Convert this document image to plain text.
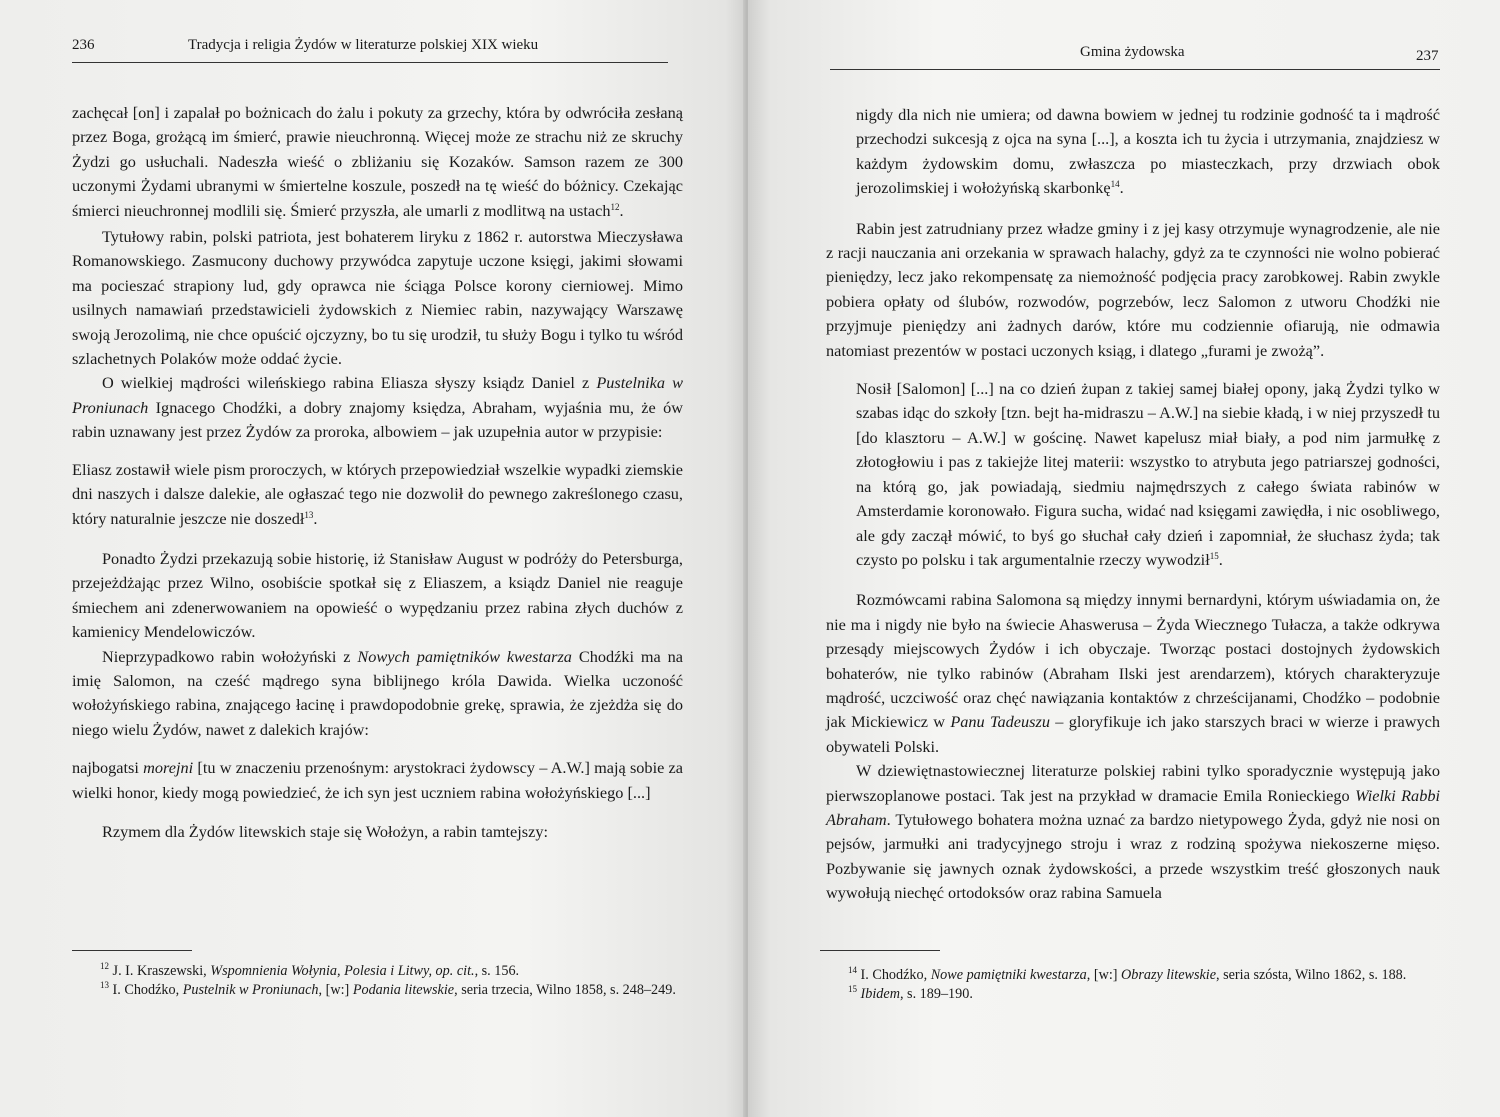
236	Tradycja i religia Żydów w literaturze polskiej XIX wieku

zachęcał [on] i zapalał po bożnicach do żalu i pokuty za grzechy, która by odwróciła zesłaną przez Boga, grożącą im śmierć, prawie nieuchronną. Więcej może ze strachu niż ze skruchy Żydzi go usłuchali. Nadeszła wieść o zbliżaniu się Kozaków. Samson razem ze 300 uczonymi Żydami ubranymi w śmiertelne koszule, poszedł na tę wieść do bóżnicy. Czekając śmierci nieuchronnej modlili się. Śmierć przyszła, ale umarli z modlitwą na ustach$^{12}$.

Tytułowy rabin, polski patriota, jest bohaterem liryku z 1862 r. autorstwa Mieczysława Romanowskiego. Zasmucony duchowy przywódca zapytuje uczone księgi, jakimi słowami ma pocieszać strapiony lud, gdy oprawca nie ściąga Polsce korony cierniowej. Mimo usilnych namawiań przedstawicieli żydowskich z Niemiec rabin, nazywający Warszawę swoją Jerozolimą, nie chce opuścić ojczyzny, bo tu się urodził, tu służy Bogu i tylko tu wśród szlachetnych Polaków może oddać życie.

O wielkiej mądrości wileńskiego rabina Eliasza słyszy ksiądz Daniel z Pustelnika w Proniunach Ignacego Chodźki, a dobry znajomy księdza, Abraham, wyjaśnia mu, że ów rabin uznawany jest przez Żydów za proroka, albowiem – jak uzupełnia autor w przypisie:

Eliasz zostawił wiele pism proroczych, w których przepowiedział wszelkie wypadki ziemskie dni naszych i dalsze dalekie, ale ogłaszać tego nie dozwolił do pewnego zakreślonego czasu, który naturalnie jeszcze nie doszedł$^{13}$.

Ponadto Żydzi przekazują sobie historię, iż Stanisław August w podróży do Petersburga, przejeżdżając przez Wilno, osobiście spotkał się z Eliaszem, a ksiądz Daniel nie reaguje śmiechem ani zdenerwowaniem na opowieść o wypędzaniu przez rabina złych duchów z kamienicy Mendelowiczów.

Nieprzypadkowo rabin wołożyński z Nowych pamiętników kwestarza Chodźki ma na imię Salomon, na cześć mądrego syna biblijnego króla Dawida. Wielka uczoność wołożyńskiego rabina, znającego łacinę i prawdopodobnie grekę, sprawia, że zjeżdża się do niego wielu Żydów, nawet z dalekich krajów:

najbogatsi morejni [tu w znaczeniu przenośnym: arystokraci żydowscy – A.W.] mają sobie za wielki honor, kiedy mogą powiedzieć, że ich syn jest uczniem rabina wołożyńskiego [...]

Rzymem dla Żydów litewskich staje się Wołożyn, a rabin tamtejszy:

$^{12}$ J. I. Kraszewski, Wspomnienia Wołynia, Polesia i Litwy, op. cit., s. 156.
$^{13}$ I. Chodźko, Pustelnik w Proniunach, [w:] Podania litewskie, seria trzecia, Wilno 1858, s. 248–249.
Gmina żydowska	237
nigdy dla nich nie umiera; od dawna bowiem w jednej tu rodzinie godność ta i mądrość przechodzi sukcesją z ojca na syna [...], a koszta ich tu życia i utrzymania, znajdziesz w każdym żydowskim domu, zwłaszcza po miasteczkach, przy drzwiach obok jerozolimskiej i wołożyńską skarbonkę$^{14}$.

Rabin jest zatrudniany przez władze gminy i z jej kasy otrzymuje wynagrodzenie, ale nie z racji nauczania ani orzekania w sprawach halachy, gdyż za te czynności nie wolno pobierać pieniędzy, lecz jako rekompensatę za niemożność podjęcia pracy zarobkowej. Rabin zwykle pobiera opłaty od ślubów, rozwodów, pogrzebów, lecz Salomon z utworu Chodźki nie przyjmuje pieniędzy ani żadnych darów, które mu codziennie ofiarują, nie odmawia natomiast prezentów w postaci uczonych ksiąg, i dlatego „furami je zwożą”.

Nosił [Salomon] [...] na co dzień żupan z takiej samej białej opony, jaką Żydzi tylko w szabas idąc do szkoły [tzn. bejt ha-midraszu – A.W.] na siebie kładą, i w niej przyszedł tu [do klasztoru – A.W.] w gościnę. Nawet kapelusz miał biały, a pod nim jarmułkę z złotogłowiu i pas z takiejże litej materii: wszystko to atrybuta jego patriarszej godności, na którą go, jak powiadają, siedmiu najmędrszych z całego świata rabinów w Amsterdamie koronowało. Figura sucha, widać nad księgami zawiędła, i nic osobliwego, ale gdy zaczął mówić, to byś go słuchał cały dzień i zapomniał, że słuchasz żyda; tak czysto po polsku i tak argumentalnie rzeczy wywodził$^{15}$.

Rozmówcami rabina Salomona są między innymi bernardyni, którym uświadamia on, że nie ma i nigdy nie było na świecie Ahaswerusa – Żyda Wiecznego Tułacza, a także odkrywa przesądy miejscowych Żydów i ich obyczaje. Tworząc postaci dostojnych żydowskich bohaterów, nie tylko rabinów (Abraham Ilski jest arendarzem), których charakteryzuje mądrość, uczciwość oraz chęć nawiązania kontaktów z chrześcijanami, Chodźko – podobnie jak Mickiewicz w Panu Tadeuszu – gloryfikuje ich jako starszych braci w wierze i prawych obywateli Polski.

W dziewiętnastowiecznej literaturze polskiej rabini tylko sporadycznie występują jako pierwszoplanowe postaci. Tak jest na przykład w dramacie Emila Ronieckiego Wielki Rabbi Abraham. Tytułowego bohatera można uznać za bardzo nietypowego Żyda, gdyż nie nosi on pejsów, jarmułki ani tradycyjnego stroju i wraz z rodziną spożywa niekoszerne mięso. Pozbywanie się jawnych oznak żydowskości, a przede wszystkim treść głoszonych nauk wywołują niechęć ortodoksów oraz rabina Samuela

$^{14}$ I. Chodźko, Nowe pamiętniki kwestarza, [w:] Obrazy litewskie, seria szósta, Wilno 1862, s. 188.
$^{15}$ Ibidem, s. 189–190.
